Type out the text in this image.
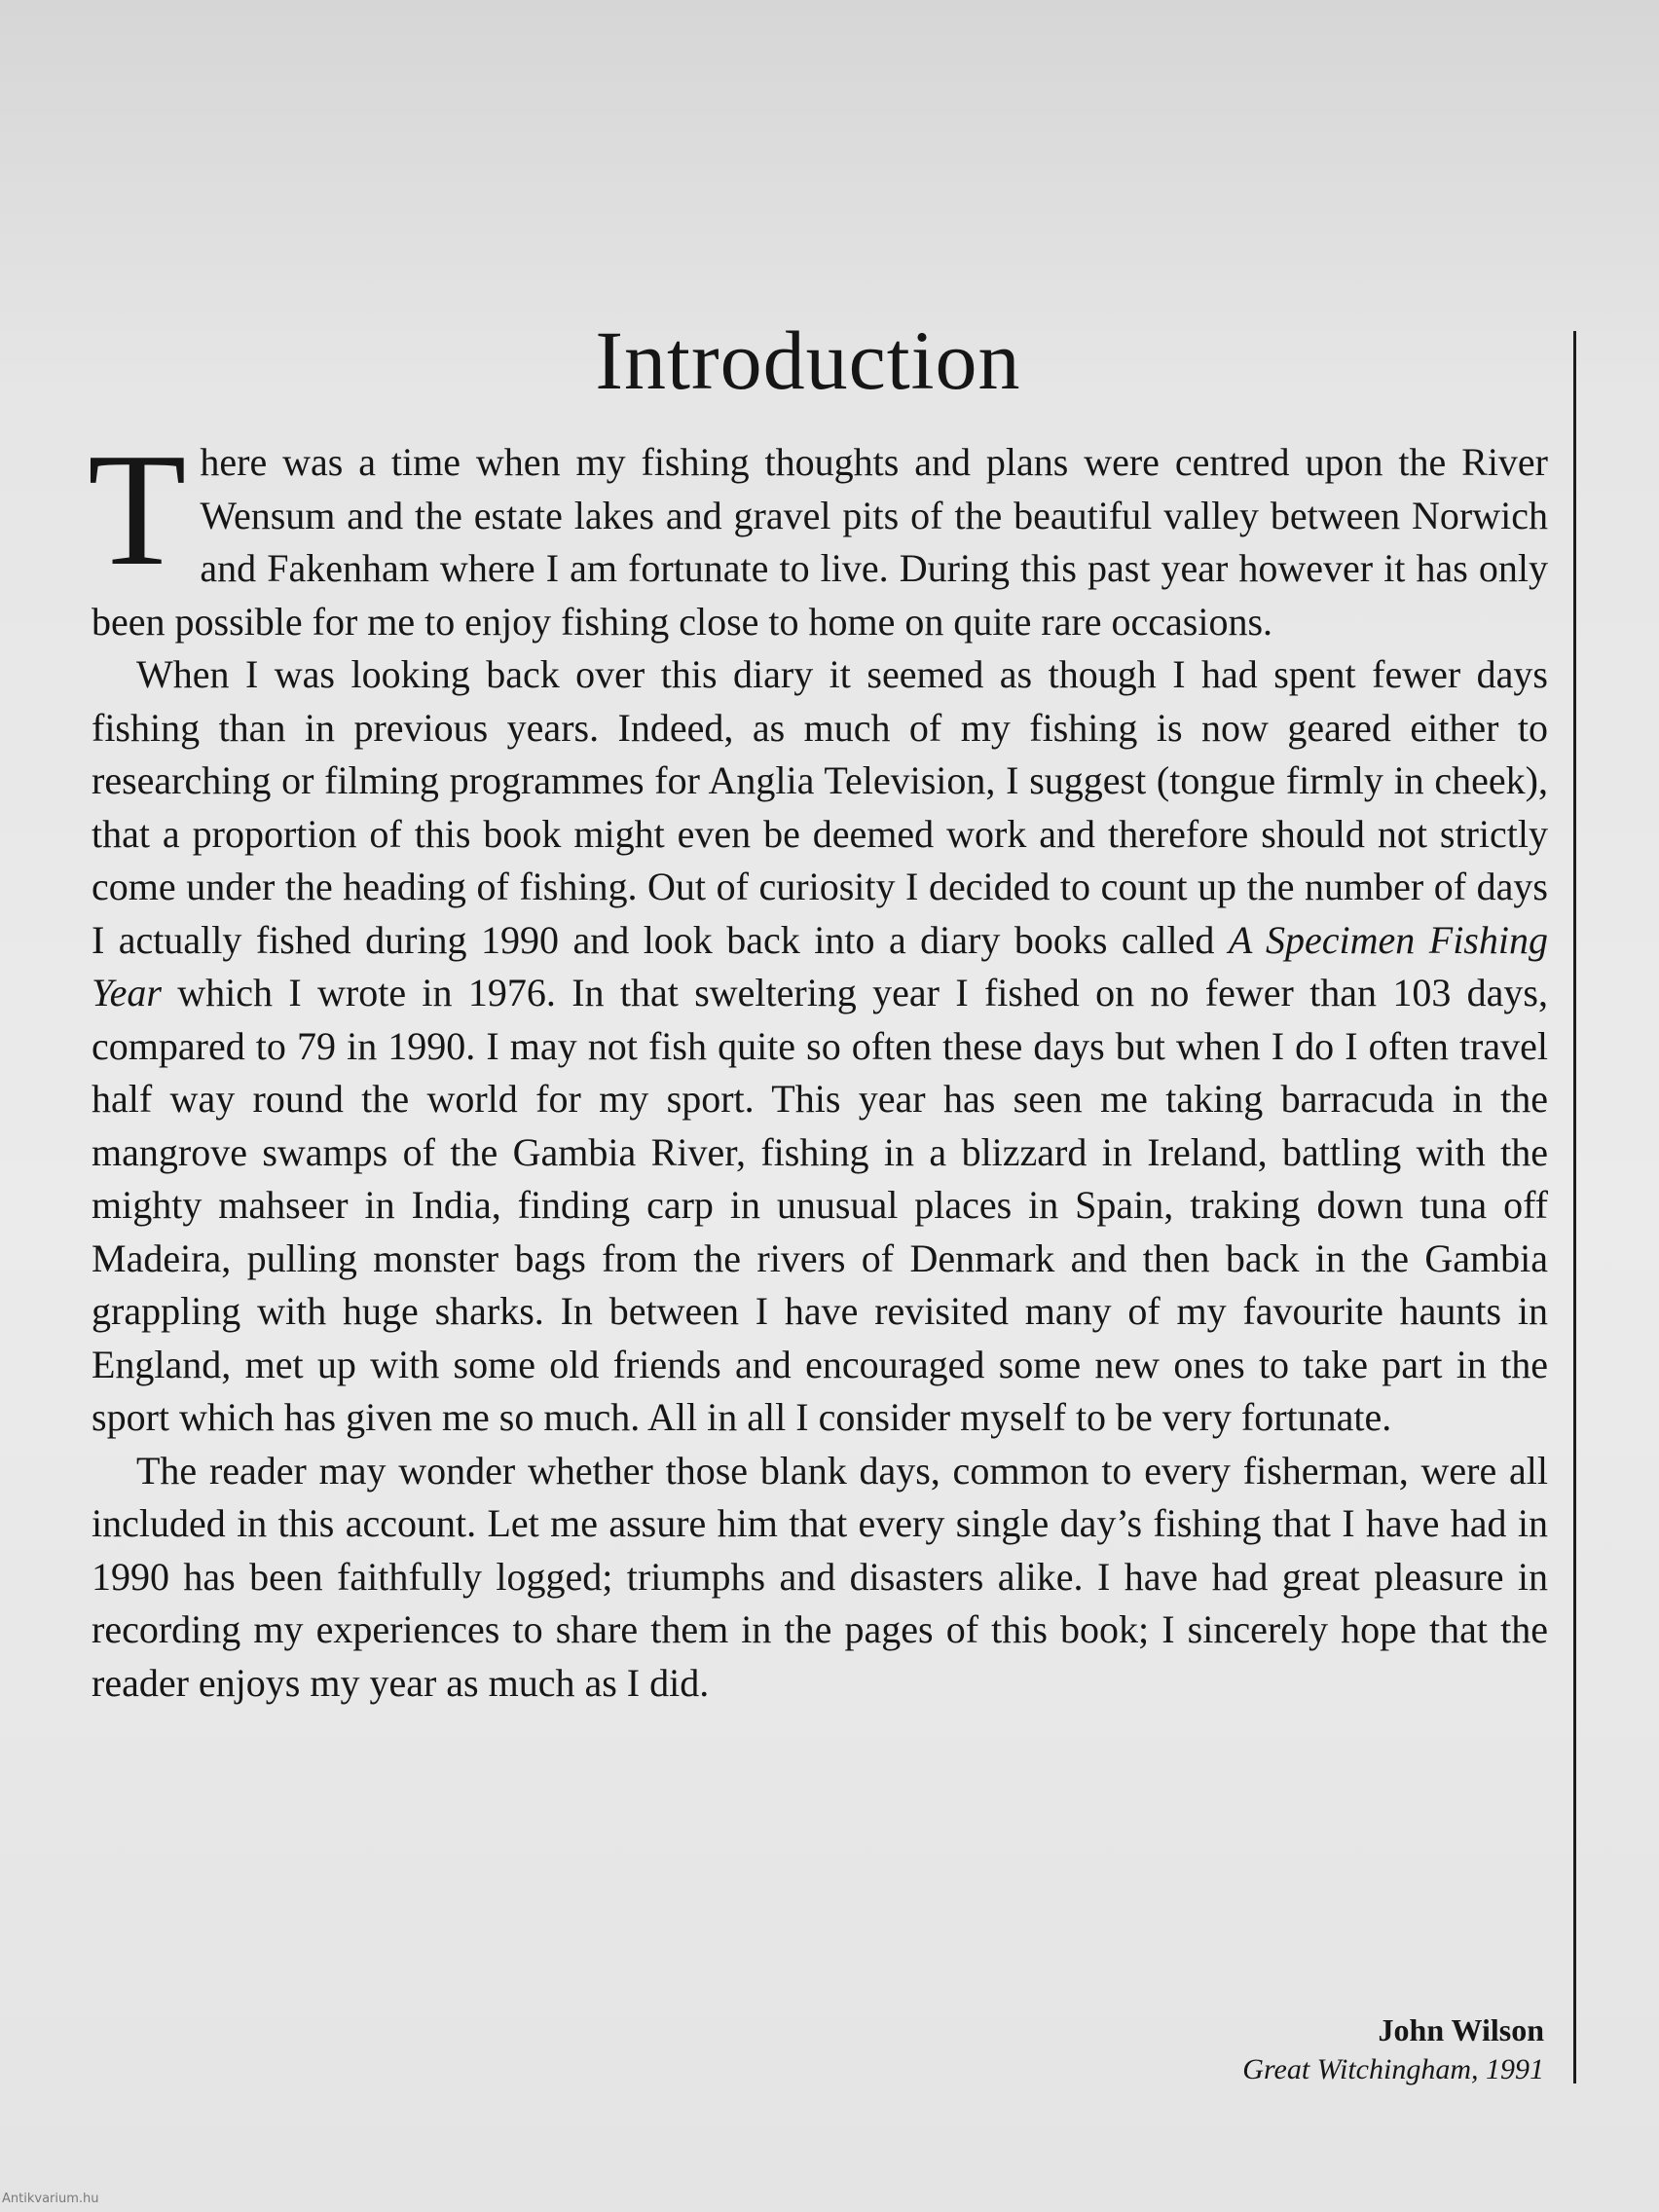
Introduction

There was a time when my fishing thoughts and plans were centred upon the River Wensum and the estate lakes and gravel pits of the beautiful valley between Norwich and Fakenham where I am fortunate to live. During this past year however it has only been possible for me to enjoy fishing close to home on quite rare occasions.

When I was looking back over this diary it seemed as though I had spent fewer days fishing than in previous years. Indeed, as much of my fishing is now geared either to researching or filming programmes for Anglia Television, I suggest (tongue firmly in cheek), that a proportion of this book might even be deemed work and therefore should not strictly come under the heading of fishing. Out of curiosity I decided to count up the number of days I actually fished during 1990 and look back into a diary books called A Specimen Fishing Year which I wrote in 1976. In that sweltering year I fished on no fewer than 103 days, compared to 79 in 1990. I may not fish quite so often these days but when I do I often travel half way round the world for my sport. This year has seen me taking barracuda in the mangrove swamps of the Gambia River, fishing in a blizzard in Ireland, battling with the mighty mahseer in India, finding carp in unusual places in Spain, traking down tuna off Madeira, pulling monster bags from the rivers of Denmark and then back in the Gambia grappling with huge sharks. In between I have revisited many of my favourite haunts in England, met up with some old friends and encouraged some new ones to take part in the sport which has given me so much. All in all I consider myself to be very fortunate.

The reader may wonder whether those blank days, common to every fisherman, were all included in this account. Let me assure him that every single day’s fishing that I have had in 1990 has been faithfully logged; triumphs and disasters alike. I have had great pleasure in recording my experiences to share them in the pages of this book; I sincerely hope that the reader enjoys my year as much as I did.

John Wilson
Great Witchingham, 1991
Antikvarium.hu
